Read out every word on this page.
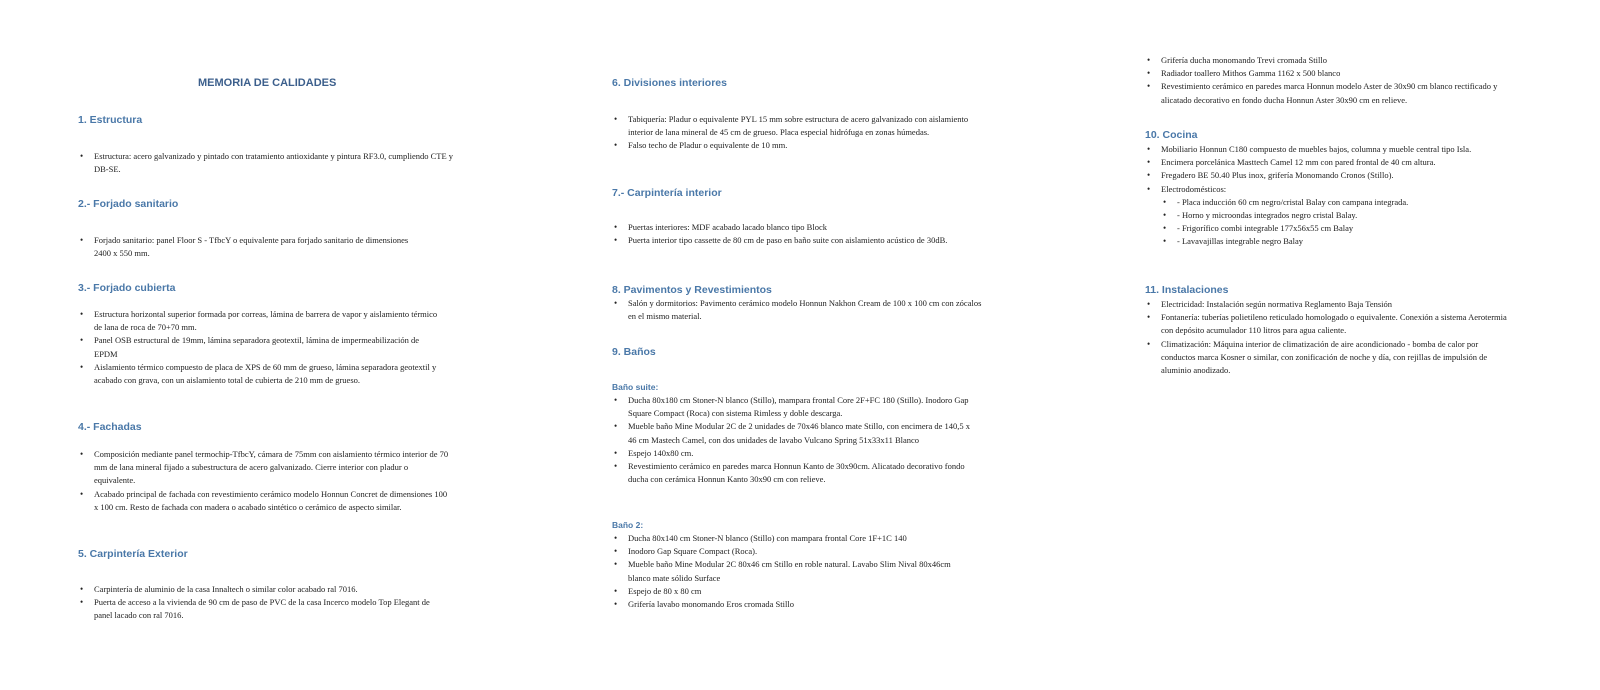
MEMORIA DE CALIDADES
1. Estructura
• Estructura: acero galvanizado y pintado con tratamiento antioxidante y pintura RF3.0, cumpliendo CTE y DB-SE.
2.- Forjado sanitario
• Forjado sanitario: panel Floor S - TfbcY o equivalente para forjado sanitario de dimensiones 2400 x 550 mm.
3.- Forjado cubierta
• Estructura horizontal superior formada por correas, lámina de barrera de vapor y aislamiento térmico de lana de roca de 70+70 mm.
• Panel OSB estructural de 19mm, lámina separadora geotextil, lámina de impermeabilización de EPDM
• Aislamiento térmico compuesto de placa de XPS de 60 mm de grueso, lámina separadora geotextil y acabado con grava, con un aislamiento total de cubierta de 210 mm de grueso.
4.- Fachadas
• Composición mediante panel termochip-TfbcY, cámara de 75mm con aislamiento térmico interior de 70 mm de lana mineral fijado a subestructura de acero galvanizado. Cierre interior con pladur o equivalente.
• Acabado principal de fachada con revestimiento cerámico modelo Honnun Concret de dimensiones 100 x 100 cm. Resto de fachada con madera o acabado sintético o cerámico de aspecto similar.
5. Carpintería Exterior
• Carpintería de aluminio de la casa Innaltech o similar color acabado ral 7016.
• Puerta de acceso a la vivienda de 90 cm de paso de PVC de la casa Incerco modelo Top Elegant de panel lacado con ral 7016.
6. Divisiones interiores
• Tabiquería: Pladur o equivalente PYL 15 mm sobre estructura de acero galvanizado con aislamiento interior de lana mineral de 45 cm de grueso. Placa especial hidrófuga en zonas húmedas.
• Falso techo de Pladur o equivalente de 10 mm.
7.- Carpintería interior
• Puertas interiores: MDF acabado lacado blanco tipo Block
• Puerta interior tipo cassette de 80 cm de paso en baño suite con aislamiento acústico de 30dB.
8. Pavimentos y Revestimientos
• Salón y dormitorios: Pavimento cerámico modelo Honnun Nakhon Cream de 100 x 100 cm con zócalos en el mismo material.
9. Baños
Baño suite:
• Ducha 80x180 cm Stoner-N blanco (Stillo), mampara frontal Core 2F+FC 180 (Stillo). Inodoro Gap Square Compact (Roca) con sistema Rimless y doble descarga.
• Mueble baño Mine Modular 2C de 2 unidades de 70x46 blanco mate Stillo, con encimera de 140,5 x 46 cm Mastech Camel, con dos unidades de lavabo Vulcano Spring 51x33x11 Blanco
• Espejo 140x80 cm.
• Revestimiento cerámico en paredes marca Honnun Kanto de 30x90cm. Alicatado decorativo fondo ducha con cerámica Honnun Kanto 30x90 cm con relieve.
Baño 2:
• Ducha 80x140 cm Stoner-N blanco (Stillo) con mampara frontal Core 1F+1C 140
• Inodoro Gap Square Compact (Roca).
• Mueble baño Mine Modular 2C 80x46 cm Stillo en roble natural. Lavabo Slim Nival 80x46cm blanco mate sólido Surface
• Espejo de 80 x 80 cm
• Grifería lavabo monomando Eros cromada Stillo
• Grifería ducha monomando Trevi cromada Stillo
• Radiador toallero Mithos Gamma 1162 x 500 blanco
• Revestimiento cerámico en paredes marca Honnun modelo Aster de 30x90 cm blanco rectificado y alicatado decorativo en fondo ducha Honnun Aster 30x90 cm en relieve.
10. Cocina
• Mobiliario Honnun C180 compuesto de muebles bajos, columna y mueble central tipo Isla.
• Encimera porcelánica Masttech Camel 12 mm con pared frontal de 40 cm altura.
• Fregadero BE 50.40 Plus inox, grifería Monomando Cronos (Stillo).
• Electrodomésticos:
• - Placa inducción 60 cm negro/cristal Balay con campana integrada.
• - Horno y microondas integrados negro cristal Balay.
• - Frigorífico combi integrable 177x56x55 cm Balay
• - Lavavajillas integrable negro Balay
11. Instalaciones
• Electricidad: Instalación según normativa Reglamento Baja Tensión
• Fontanería: tuberías polietileno reticulado homologado o equivalente. Conexión a sistema Aerotermia con depósito acumulador 110 litros para agua caliente.
• Climatización: Máquina interior de climatización de aire acondicionado - bomba de calor por conductos marca Kosner o similar, con zonificación de noche y día, con rejillas de impulsión de aluminio anodizado.
